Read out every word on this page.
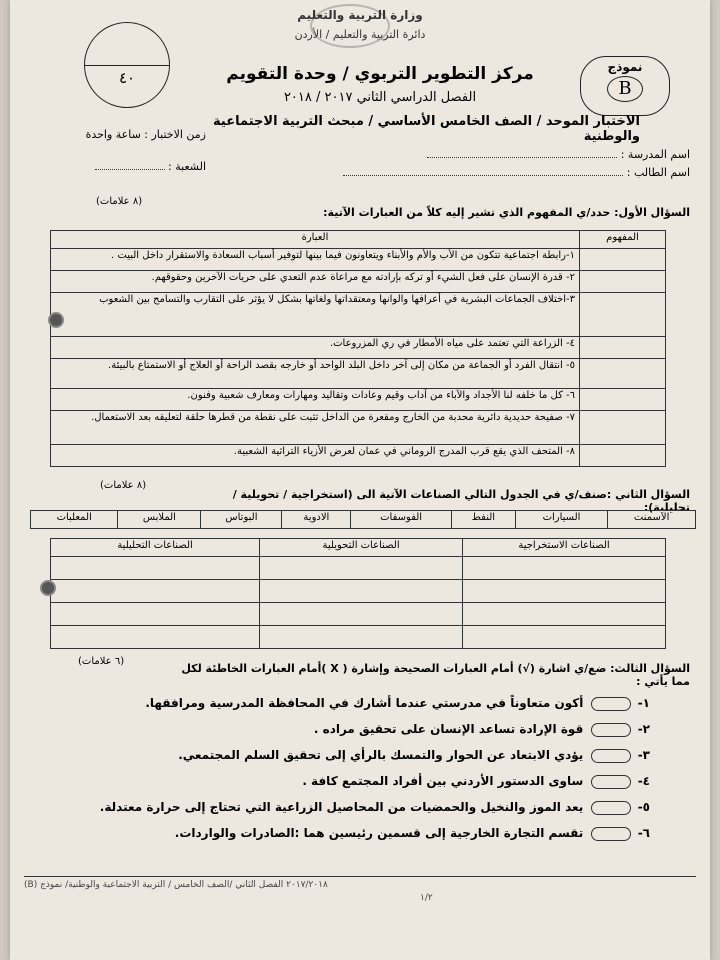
وزارة التربية والتعليم
دائرة التربية والتعليم / الأردن
٤٠
نموذج
B
مركز التطوير التربوي / وحدة التقويم
الفصل الدراسي الثاني ٢٠١٧ / ٢٠١٨
الاختبار الموحد / الصف الخامس الأساسي / مبحث التربية الاجتماعية والوطنية
زمن الاختبار : ساعة واحدة
اسم المدرسة :
اسم الطالب :
الشعبة :
السؤال الأول: حدد/ي المفهوم الذي تشير إليه كلاً من العبارات الآتية:
(٨ علامات)
المفهوم	العبارة
	١-رابطة اجتماعية تتكون من الأب والأم والأبناء ويتعاونون فيما بينها لتوفير أسباب السعادة والاستقرار داخل البيت .
	٢- قدرة الإنسان على فعل الشيء أو تركه بإرادته مع مراعاة عدم التعدي على حريات الآخرين وحقوقهم.
	٣-اختلاف الجماعات البشرية في أعرافها والوانها ومعتقداتها ولغاتها بشكل لا يؤثر على التقارب والتسامح بين الشعوب
	٤- الزراعة التي تعتمد على مياه الأمطار في ري المزروعات.
	٥- انتقال الفرد أو الجماعة من مكان إلى آخر داخل البلد الواحد أو خارجه بقصد الراحة أو العلاج أو الاستمتاع بالبيئة.
	٦- كل ما خلفه لنا الأجداد والآباء من آداب وقيم وعادات وتقاليد ومهارات ومعارف شعبية وفنون.
	٧- صفيحة حديدية دائرية محدبة من الخارج ومقعرة من الداخل تثبت على نقطة من قطرها حلقة لتعليقه بعد الاستعمال.
	٨- المتحف الذي يقع قرب المدرج الروماني في عمان لعرض الأزياء التراثية الشعبية.
السؤال الثاني :صنف/ي في الجدول التالي الصناعات الآتية الى (استخراجية / تحويلية / تحليلية):
(٨ علامات)
الاسمنت	السيارات	النفط	الفوسفات	الادوية	البوتاس	الملابس	المعلبات
الصناعات الاستخراجية	الصناعات التحويلية	الصناعات التحليلية

السؤال الثالث: ضع/ي اشارة (√) أمام العبارات الصحيحة وإشارة ( X )أمام العبارات الخاطئة لكل مما يأتي :
(٦ علامات)
١-  أكون متعاوناً في مدرستي عندما أشارك في المحافظة المدرسية ومرافقها.
٢-  قوة الإرادة تساعد الإنسان على تحقيق مراده .
٣-  يؤدي الابتعاد عن الحوار والتمسك بالرأي إلى تحقيق السلم المجتمعي.
٤-  ساوى الدستور الأردني بين أفراد المجتمع كافة .
٥-  يعد الموز والنخيل والحمضيات من المحاصيل الزراعية التي تحتاج إلى حرارة معتدلة.
٦-  تقسم التجارة الخارجية إلى قسمين رئيسين هما :الصادرات والواردات.
٢٠١٧/٢٠١٨ الفصل الثاني /الصف الخامس / التربية الاجتماعية والوطنية/ نموذج (B)
١/٢
